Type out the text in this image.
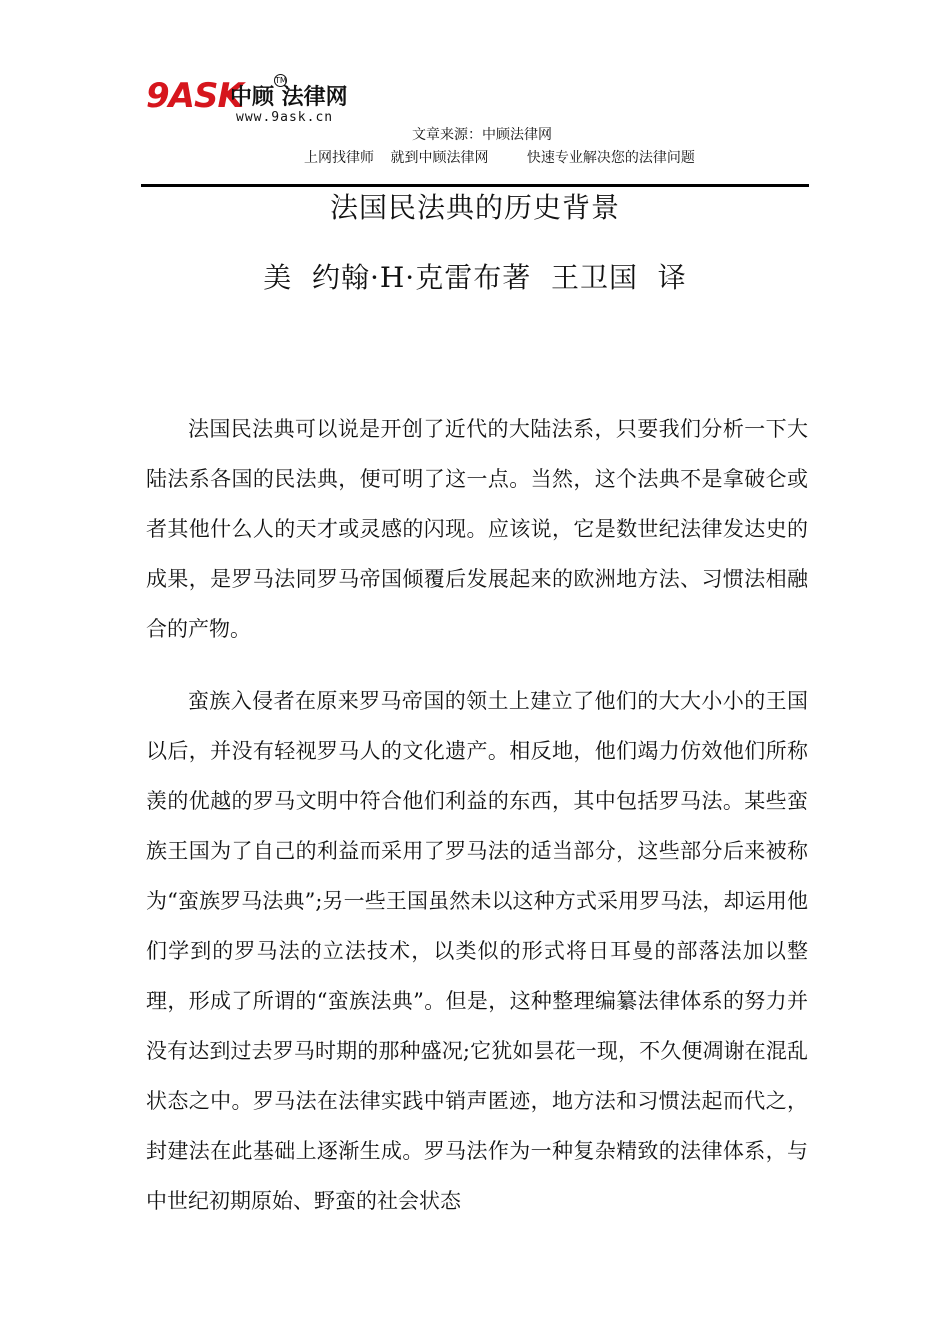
9ASK
中顾 法律网
TM
www.9ask.cn
文章来源：中顾法律网
上网找律师 就到中顾法律网	快速专业解决您的法律问题
法国民法典的历史背景
美  约翰·H·克雷布著  王卫国  译

法国民法典可以说是开创了近代的大陆法系，只要我们分析一下大陆法系各国的民法典，便可明了这一点。当然，这个法典不是拿破仑或者其他什么人的天才或灵感的闪现。应该说，它是数世纪法律发达史的成果，是罗马法同罗马帝国倾覆后发展起来的欧洲地方法、习惯法相融合的产物。

蛮族入侵者在原来罗马帝国的领土上建立了他们的大大小小的王国以后，并没有轻视罗马人的文化遗产。相反地，他们竭力仿效他们所称羡的优越的罗马文明中符合他们利益的东西，其中包括罗马法。某些蛮族王国为了自己的利益而采用了罗马法的适当部分，这些部分后来被称为“蛮族罗马法典”;另一些王国虽然未以这种方式采用罗马法，却运用他们学到的罗马法的立法技术，以类似的形式将日耳曼的部落法加以整理，形成了所谓的“蛮族法典”。但是，这种整理编纂法律体系的努力并没有达到过去罗马时期的那种盛况;它犹如昙花一现，不久便凋谢在混乱状态之中。罗马法在法律实践中销声匿迹，地方法和习惯法起而代之，封建法在此基础上逐渐生成。罗马法作为一种复杂精致的法律体系，与中世纪初期原始、野蛮的社会状态
